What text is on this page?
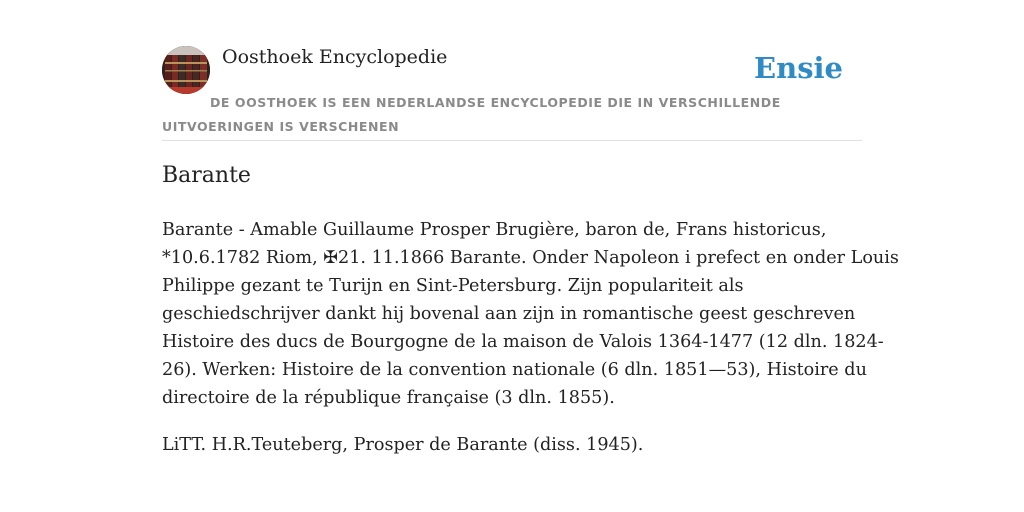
Oosthoek Encyclopedie	Ensie
DE OOSTHOEK IS EEN NEDERLANDSE ENCYCLOPEDIE DIE IN VERSCHILLENDE UITVOERINGEN IS VERSCHENEN
Barante

Barante - Amable Guillaume Prosper Brugière, baron de, Frans historicus,
*10.6.1782 Riom, ✠21. 11.1866 Barante. Onder Napoleon i prefect en onder Louis
Philippe gezant te Turijn en Sint-Petersburg. Zijn populariteit als
geschiedschrijver dankt hij bovenal aan zijn in romantische geest geschreven
Histoire des ducs de Bourgogne de la maison de Valois 1364-1477 (12 dln. 1824-
26). Werken: Histoire de la convention nationale (6 dln. 1851—53), Histoire du
directoire de la république française (3 dln. 1855).

LiTT. H.R.Teuteberg, Prosper de Barante (diss. 1945).
